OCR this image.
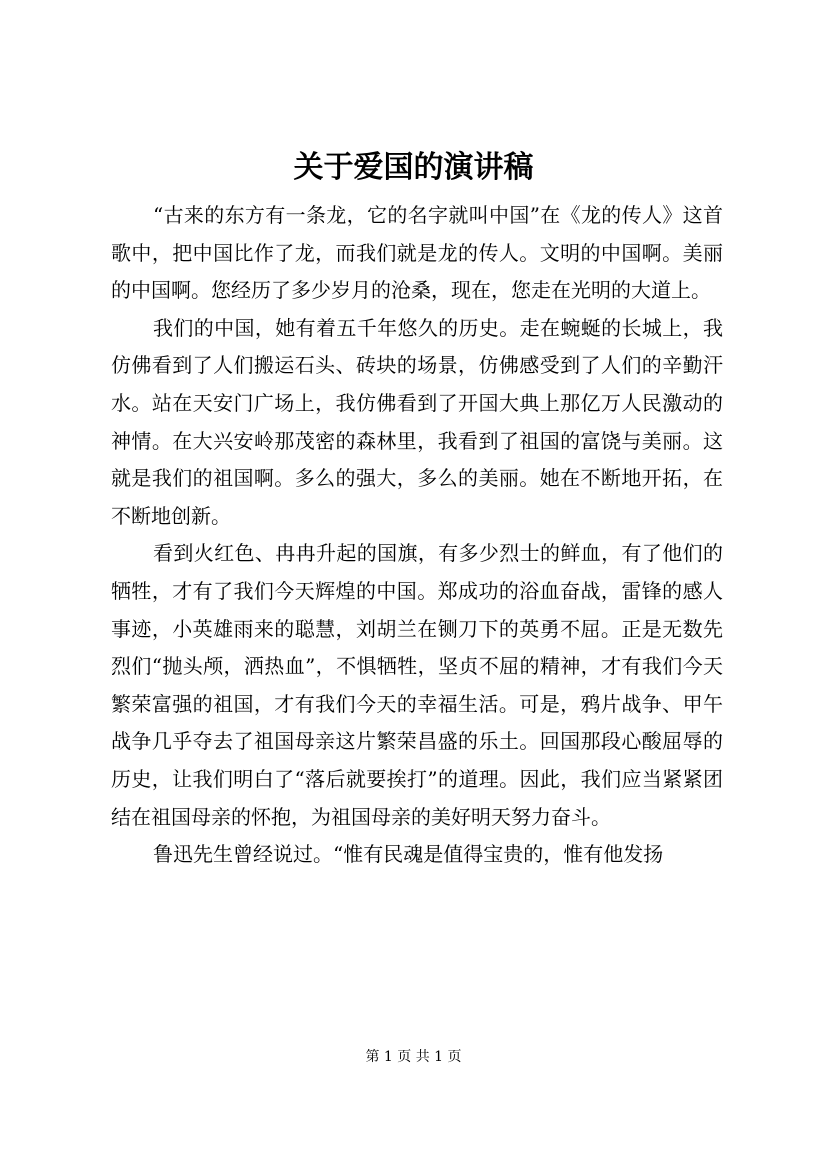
关于爱国的演讲稿

“古来的东方有一条龙，它的名字就叫中国”在《龙的传人》这首歌中，把中国比作了龙，而我们就是龙的传人。文明的中国啊。美丽的中国啊。您经历了多少岁月的沧桑，现在，您走在光明的大道上。

我们的中国，她有着五千年悠久的历史。走在蜿蜒的长城上，我仿佛看到了人们搬运石头、砖块的场景，仿佛感受到了人们的辛勤汗水。站在天安门广场上，我仿佛看到了开国大典上那亿万人民激动的神情。在大兴安岭那茂密的森林里，我看到了祖国的富饶与美丽。这就是我们的祖国啊。多么的强大，多么的美丽。她在不断地开拓，在不断地创新。

看到火红色、冉冉升起的国旗，有多少烈士的鲜血，有了他们的牺牲，才有了我们今天辉煌的中国。郑成功的浴血奋战，雷锋的感人事迹，小英雄雨来的聪慧，刘胡兰在铡刀下的英勇不屈。正是无数先烈们“抛头颅，洒热血”，不惧牺牲，坚贞不屈的精神，才有我们今天繁荣富强的祖国，才有我们今天的幸福生活。可是，鸦片战争、甲午战争几乎夺去了祖国母亲这片繁荣昌盛的乐土。回国那段心酸屈辱的历史，让我们明白了“落后就要挨打”的道理。因此，我们应当紧紧团结在祖国母亲的怀抱，为祖国母亲的美好明天努力奋斗。

鲁迅先生曾经说过。“惟有民魂是值得宝贵的，惟有他发扬

第 1 页 共 1 页
